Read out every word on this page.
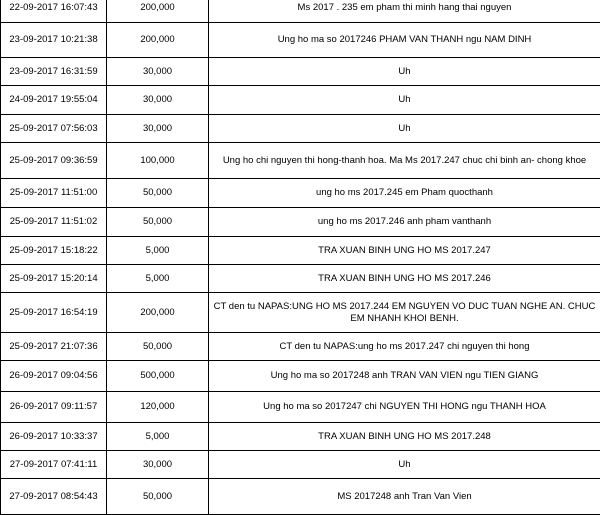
22-09-2017 16:07:43	200,000	Ms 2017 . 235 em pham thi minh hang thai nguyen
23-09-2017 10:21:38	200,000	Ung ho ma so 2017246 PHAM VAN THANH ngu NAM DINH
23-09-2017 16:31:59	30,000	Uh
24-09-2017 19:55:04	30,000	Uh
25-09-2017 07:56:03	30,000	Uh
25-09-2017 09:36:59	100,000	Ung ho chi nguyen thi hong-thanh hoa. Ma Ms 2017.247 chuc chi binh an- chong khoe
25-09-2017 11:51:00	50,000	ung ho ms 2017.245 em Pham quocthanh
25-09-2017 11:51:02	50,000	ung ho ms 2017.246 anh pham vanthanh
25-09-2017 15:18:22	5,000	TRA XUAN BINH UNG HO MS 2017.247
25-09-2017 15:20:14	5,000	TRA XUAN BINH UNG HO MS 2017.246
25-09-2017 16:54:19	200,000	CT den tu NAPAS:UNG HO MS 2017.244 EM NGUYEN VO DUC TUAN NGHE AN. CHUC EM NHANH KHOI BENH.
25-09-2017 21:07:36	50,000	CT den tu NAPAS:ung ho ms 2017.247 chi nguyen thi hong
26-09-2017 09:04:56	500,000	Ung ho ma so 2017248 anh TRAN VAN VIEN ngu TIEN GIANG
26-09-2017 09:11:57	120,000	Ung ho ma so 2017247 chi NGUYEN THI HONG ngu THANH HOA
26-09-2017 10:33:37	5,000	TRA XUAN BINH UNG HO MS 2017.248
27-09-2017 07:41:11	30,000	Uh
27-09-2017 08:54:43	50,000	MS 2017248 anh Tran Van Vien
